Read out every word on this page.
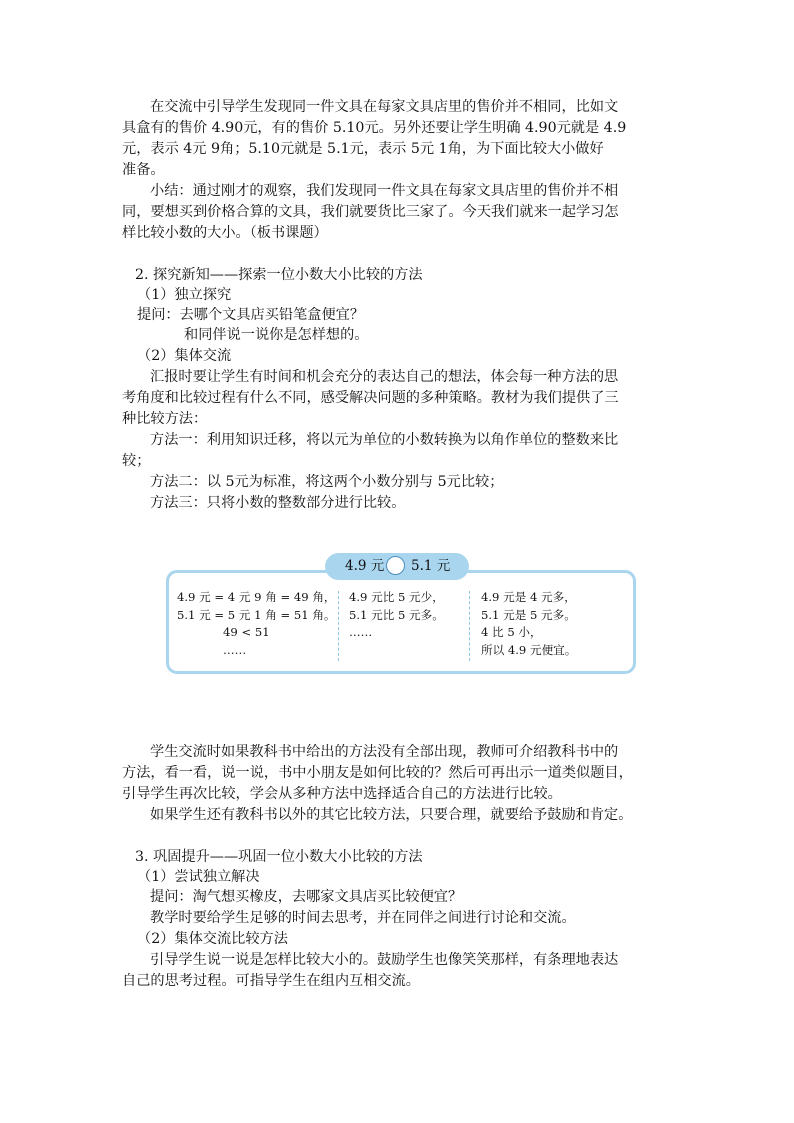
在交流中引导学生发现同一件文具在每家文具店里的售价并不相同，比如文

具盒有的售价 4.90元，有的售价 5.10元。另外还要让学生明确 4.90元就是 4.9

元，表示 4元 9角；5.10元就是 5.1元，表示 5元 1角，为下面比较大小做好

准备。

小结：通过刚才的观察，我们发现同一件文具在每家文具店里的售价并不相

同，要想买到价格合算的文具，我们就要货比三家了。今天我们就来一起学习怎

样比较小数的大小。（板书课题）

2. 探究新知——探索一位小数大小比较的方法

（1）独立探究

提问：去哪个文具店买铅笔盒便宜？

和同伴说一说你是怎样想的。

（2）集体交流

汇报时要让学生有时间和机会充分的表达自己的想法，体会每一种方法的思

考角度和比较过程有什么不同，感受解决问题的多种策略。教材为我们提供了三

种比较方法：

方法一：利用知识迁移，将以元为单位的小数转换为以角作单位的整数来比

较；

方法二：以 5元为标准，将这两个小数分别与 5元比较；

方法三：只将小数的整数部分进行比较。

4.9 元 = 4 元 9 角 = 49 角，
5.1 元 = 5 元 1 角 = 51 角。
49 < 51
……
4.9 元比 5 元少，
5.1 元比 5 元多。
……
4.9 元是 4 元多，
5.1 元是 5 元多。
4 比 5 小，
所以 4.9 元便宜。
4.9 元 5.1 元

学生交流时如果教科书中给出的方法没有全部出现，教师可介绍教科书中的

方法，看一看，说一说，书中小朋友是如何比较的？然后可再出示一道类似题目，

引导学生再次比较，学会从多种方法中选择适合自己的方法进行比较。

如果学生还有教科书以外的其它比较方法，只要合理，就要给予鼓励和肯定。

3. 巩固提升——巩固一位小数大小比较的方法

（1）尝试独立解决

提问：淘气想买橡皮，去哪家文具店买比较便宜？

教学时要给学生足够的时间去思考，并在同伴之间进行讨论和交流。

（2）集体交流比较方法

引导学生说一说是怎样比较大小的。鼓励学生也像笑笑那样，有条理地表达

自己的思考过程。可指导学生在组内互相交流。
